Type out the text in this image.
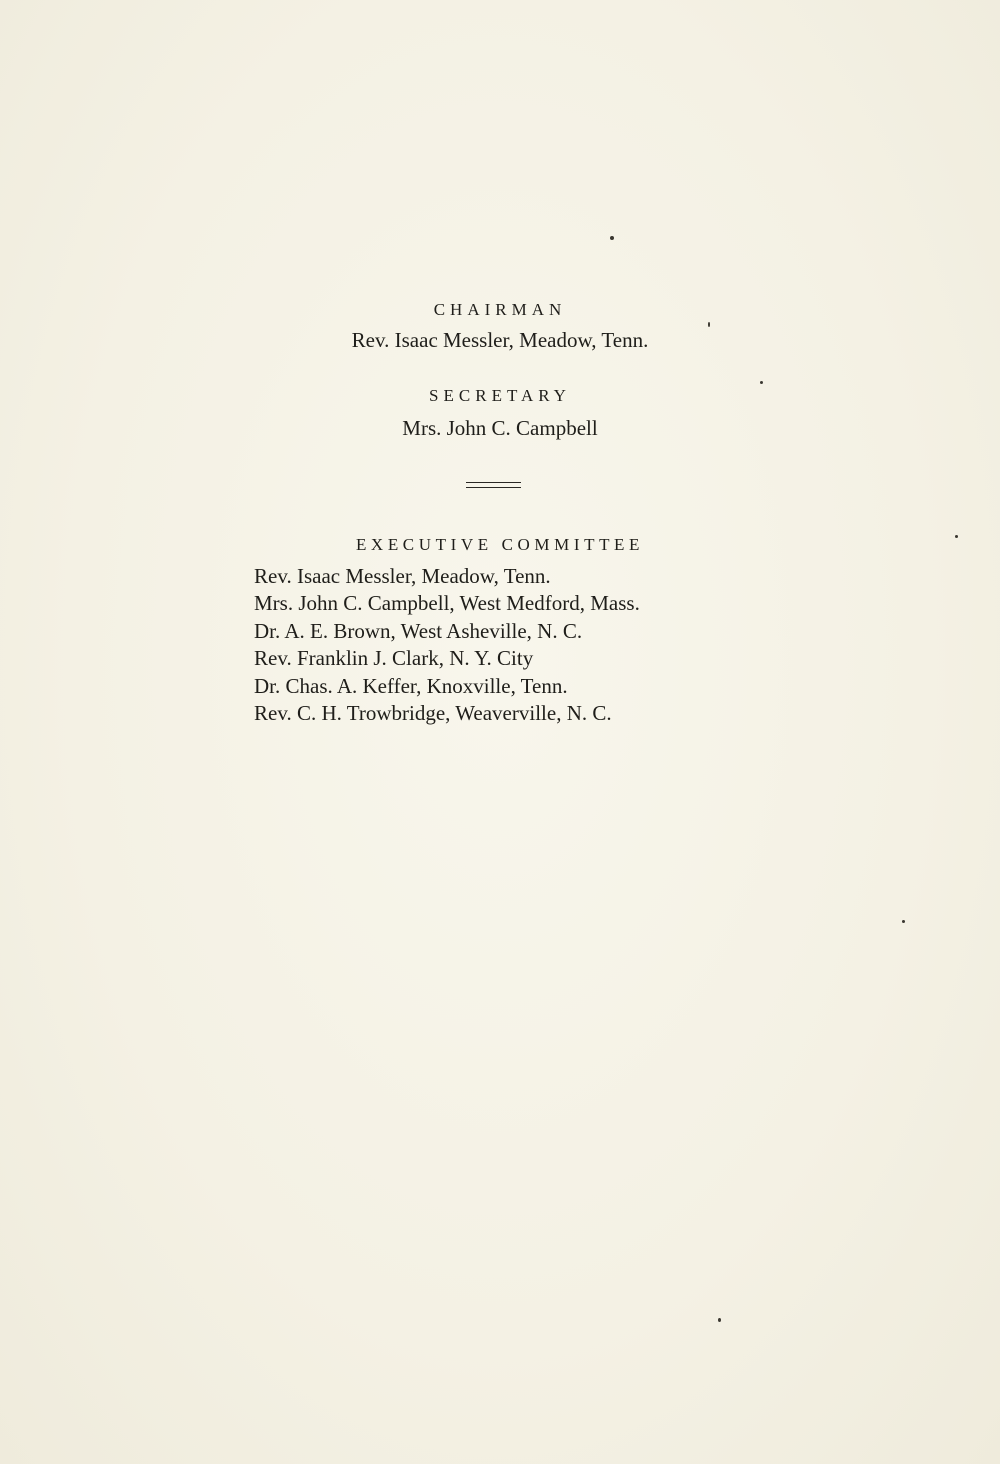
CHAIRMAN

Rev. Isaac Messler, Meadow, Tenn.

SECRETARY

Mrs. John C. Campbell

EXECUTIVE COMMITTEE
Rev. Isaac Messler, Meadow, Tenn.
Mrs. John C. Campbell, West Medford, Mass.
Dr. A. E. Brown, West Asheville, N. C.
Rev. Franklin J. Clark, N. Y. City
Dr. Chas. A. Keffer, Knoxville, Tenn.
Rev. C. H. Trowbridge, Weaverville, N. C.
